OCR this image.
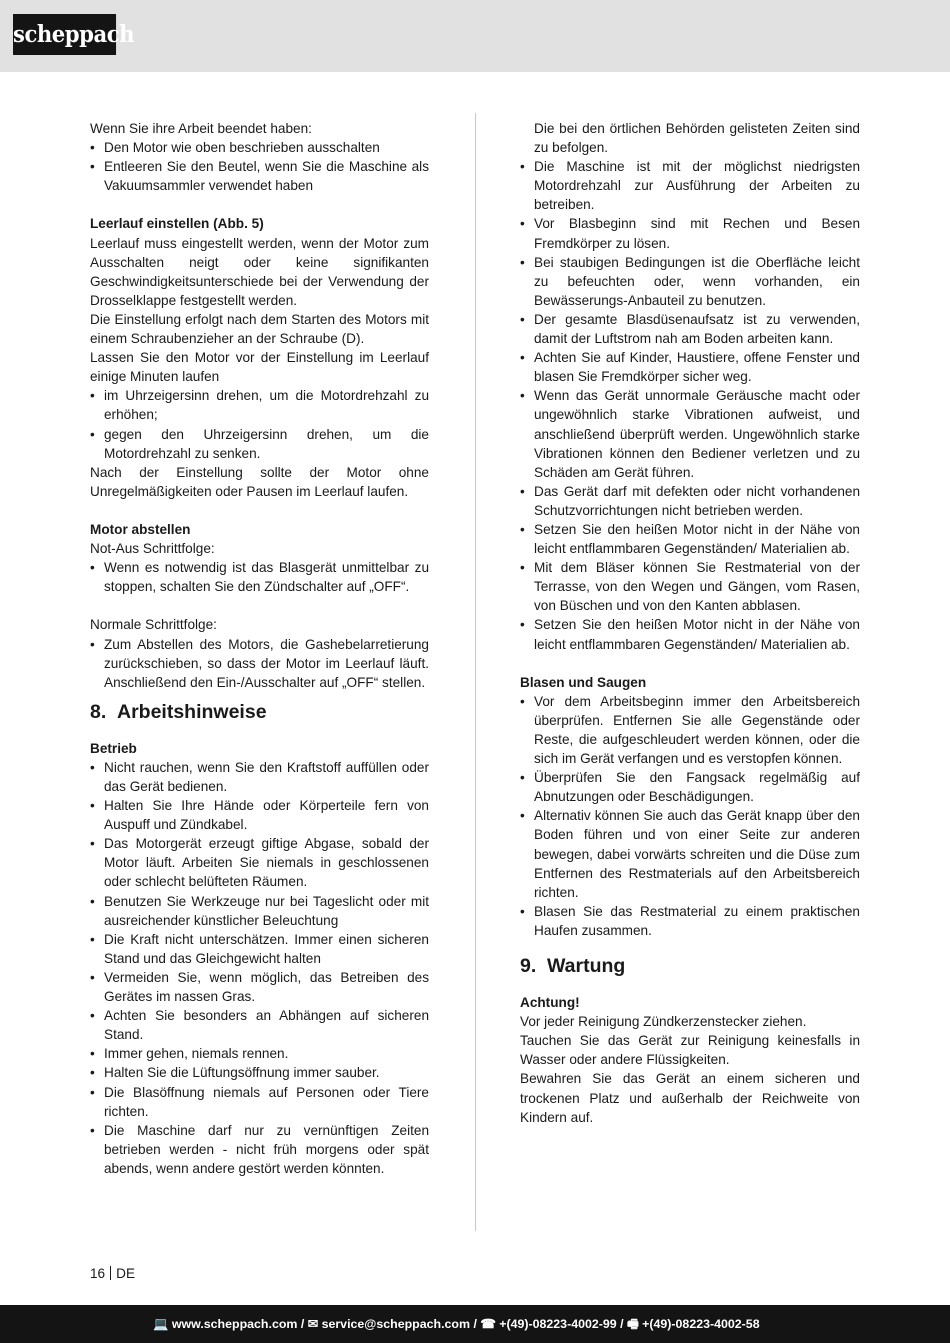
scheppach

Wenn Sie ihre Arbeit beendet haben:

• Den Motor wie oben beschrieben ausschalten
• Entleeren Sie den Beutel, wenn Sie die Maschine als Vakuumsammler verwendet haben

Leerlauf einstellen (Abb. 5)

Leerlauf muss eingestellt werden, wenn der Motor zum Ausschalten neigt oder keine signifikanten Geschwindigkeitsunterschiede bei der Verwendung der Drosselklappe festgestellt werden.

Die Einstellung erfolgt nach dem Starten des Motors mit einem Schraubenzieher an der Schraube (D).

Lassen Sie den Motor vor der Einstellung im Leerlauf einige Minuten laufen

• im Uhrzeigersinn drehen, um die Motordrehzahl zu erhöhen;
• gegen den Uhrzeigersinn drehen, um die Motordrehzahl zu senken.

Nach der Einstellung sollte der Motor ohne Unregelmäßigkeiten oder Pausen im Leerlauf laufen.

Motor abstellen

Not-Aus Schrittfolge:

• Wenn es notwendig ist das Blasgerät unmittelbar zu stoppen, schalten Sie den Zündschalter auf „OFF“.

Normale Schrittfolge:

• Zum Abstellen des Motors, die Gashebelarretierung zurückschieben, so dass der Motor im Leerlauf läuft. Anschließend den Ein-/Ausschalter auf „OFF“ stellen.
8. Arbeitshinweise

Betrieb

• Nicht rauchen, wenn Sie den Kraftstoff auffüllen oder das Gerät bedienen.
• Halten Sie Ihre Hände oder Körperteile fern von Auspuff und Zündkabel.
• Das Motorgerät erzeugt giftige Abgase, sobald der Motor läuft. Arbeiten Sie niemals in geschlossenen oder schlecht belüfteten Räumen.
• Benutzen Sie Werkzeuge nur bei Tageslicht oder mit ausreichender künstlicher Beleuchtung
• Die Kraft nicht unterschätzen. Immer einen sicheren Stand und das Gleichgewicht halten
• Vermeiden Sie, wenn möglich, das Betreiben des Gerätes im nassen Gras.
• Achten Sie besonders an Abhängen auf sicheren Stand.
• Immer gehen, niemals rennen.
• Halten Sie die Lüftungsöffnung immer sauber.
• Die Blasöffnung niemals auf Personen oder Tiere richten.
• Die Maschine darf nur zu vernünftigen Zeiten betrieben werden - nicht früh morgens oder spät abends, wenn andere gestört werden könnten.
Die bei den örtlichen Behörden gelisteten Zeiten sind zu befolgen.
• Die Maschine ist mit der möglichst niedrigsten Motordrehzahl zur Ausführung der Arbeiten zu betreiben.
• Vor Blasbeginn sind mit Rechen und Besen Fremdkörper zu lösen.
• Bei staubigen Bedingungen ist die Oberfläche leicht zu befeuchten oder, wenn vorhanden, ein Bewässerungs-Anbauteil zu benutzen.
• Der gesamte Blasdüsenaufsatz ist zu verwenden, damit der Luftstrom nah am Boden arbeiten kann.
• Achten Sie auf Kinder, Haustiere, offene Fenster und blasen Sie Fremdkörper sicher weg.
• Wenn das Gerät unnormale Geräusche macht oder ungewöhnlich starke Vibrationen aufweist, und anschließend überprüft werden. Ungewöhnlich starke Vibrationen können den Bediener verletzen und zu Schäden am Gerät führen.
• Das Gerät darf mit defekten oder nicht vorhandenen Schutzvorrichtungen nicht betrieben werden.
• Setzen Sie den heißen Motor nicht in der Nähe von leicht entflammbaren Gegenständen/ Materialien ab.
• Mit dem Bläser können Sie Restmaterial von der Terrasse, von den Wegen und Gängen, vom Rasen, von Büschen und von den Kanten abblasen.
• Setzen Sie den heißen Motor nicht in der Nähe von leicht entflammbaren Gegenständen/ Materialien ab.

Blasen und Saugen

• Vor dem Arbeitsbeginn immer den Arbeitsbereich überprüfen. Entfernen Sie alle Gegenstände oder Reste, die aufgeschleudert werden können, oder die sich im Gerät verfangen und es verstopfen können.
• Überprüfen Sie den Fangsack regelmäßig auf Abnutzungen oder Beschädigungen.
• Alternativ können Sie auch das Gerät knapp über den Boden führen und von einer Seite zur anderen bewegen, dabei vorwärts schreiten und die Düse zum Entfernen des Restmaterials auf den Arbeitsbereich richten.
• Blasen Sie das Restmaterial zu einem praktischen Haufen zusammen.
9. Wartung

Achtung!

Vor jeder Reinigung Zündkerzenstecker ziehen.

Tauchen Sie das Gerät zur Reinigung keinesfalls in Wasser oder andere Flüssigkeiten.

Bewahren Sie das Gerät an einem sicheren und trockenen Platz und außerhalb der Reichweite von Kindern auf.

16 DE
💻 www.scheppach.com / ✉ service@scheppach.com / ☎ +(49)-08223-4002-99 / 🖷 +(49)-08223-4002-58
